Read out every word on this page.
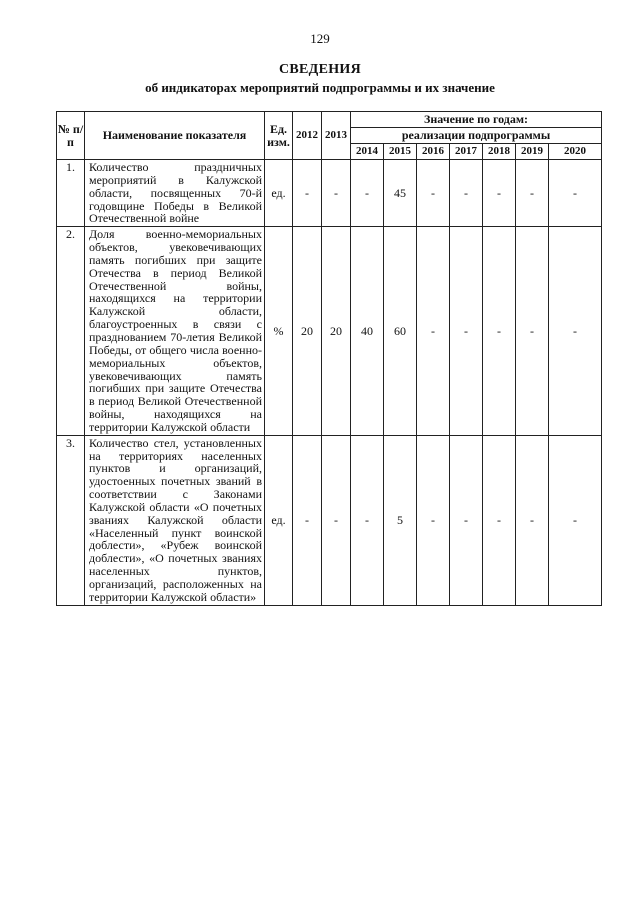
129
СВЕДЕНИЯ
об индикаторах мероприятий подпрограммы и их значение
№ п/п	Наименование показателя	Ед. изм.	2012	2013	Значение по годам:						
					реализации подпрограммы						
					2014	2015	2016	2017	2018	2019	2020
1.	Количество праздничных мероприятий в Калужской области, посвященных 70-й годовщине Победы в Великой Отечественной войне	ед.	-	-	-	45	-	-	-	-	-
2.	Доля военно-мемориальных объектов, увековечивающих память погибших при защите Отечества в период Великой Отечественной войны, находящихся на территории Калужской области, благоустроенных в связи с празднованием 70-летия Великой Победы, от общего числа военно-мемориальных объектов, увековечивающих память погибших при защите Отечества в период Великой Отечественной войны, находящихся на территории Калужской области	%	20	20	40	60	-	-	-	-	-
3.	Количество стел, установленных на территориях населенных пунктов и организаций, удостоенных почетных званий в соответствии с Законами Калужской области «О почетных званиях Калужской области «Населенный пункт воинской доблести», «Рубеж воинской доблести», «О почетных званиях населенных пунктов, организаций, расположенных на территории Калужской области»	ед.	-	-	-	5	-	-	-	-	-
